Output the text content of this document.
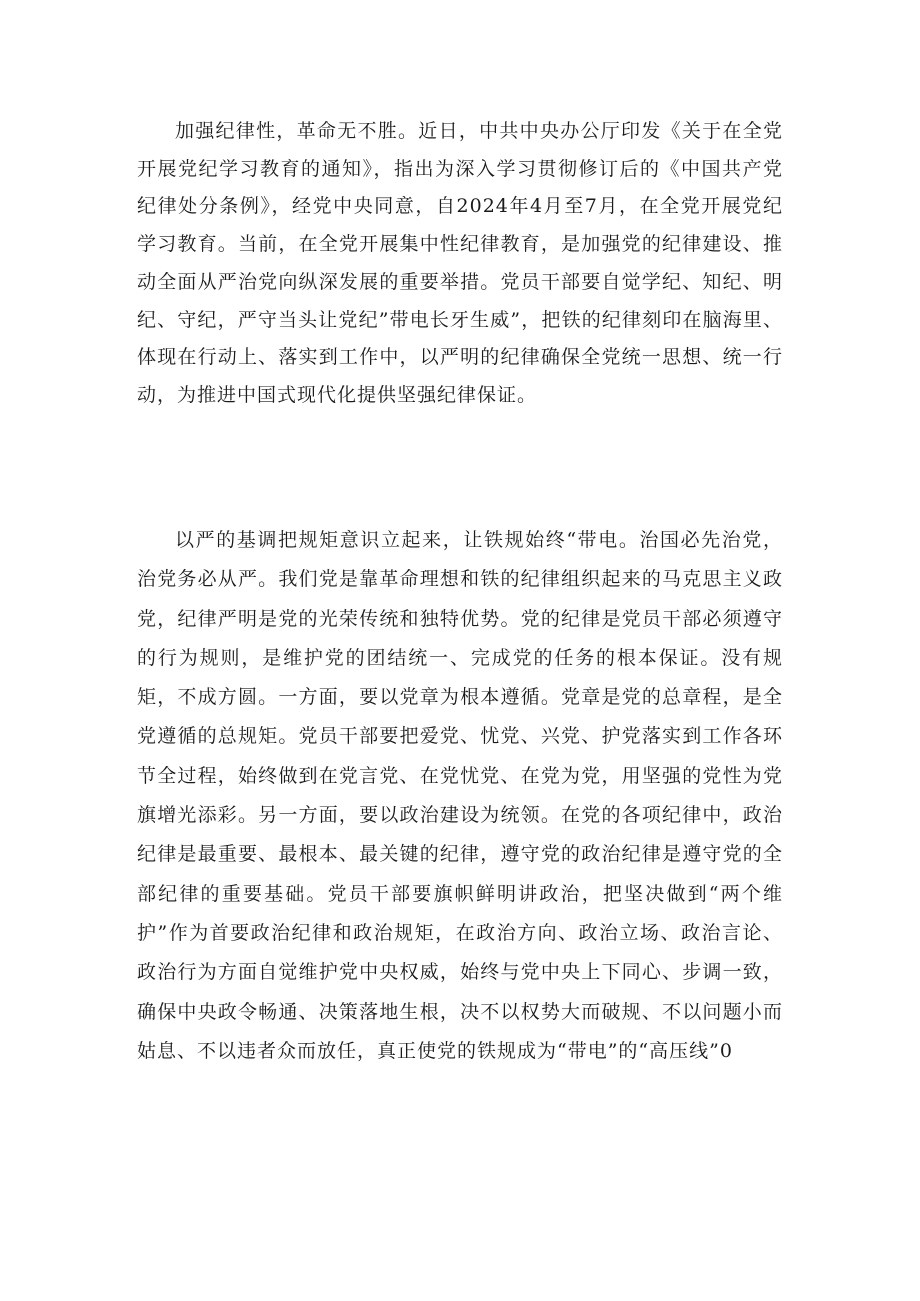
加强纪律性，革命无不胜。近日，中共中央办公厅印发《关于在全党开展党纪学习教育的通知》，指出为深入学习贯彻修订后的《中国共产党纪律处分条例》，经党中央同意，自2024年4月至7月，在全党开展党纪学习教育。当前，在全党开展集中性纪律教育，是加强党的纪律建设、推动全面从严治党向纵深发展的重要举措。党员干部要自觉学纪、知纪、明纪、守纪，严守当头让党纪”带电长牙生威”，把铁的纪律刻印在脑海里、体现在行动上、落实到工作中，以严明的纪律确保全党统一思想、统一行动，为推进中国式现代化提供坚强纪律保证。

以严的基调把规矩意识立起来，让铁规始终“带电。治国必先治党，治党务必从严。我们党是靠革命理想和铁的纪律组织起来的马克思主义政党，纪律严明是党的光荣传统和独特优势。党的纪律是党员干部必须遵守的行为规则，是维护党的团结统一、完成党的任务的根本保证。没有规矩，不成方圆。一方面，要以党章为根本遵循。党章是党的总章程，是全党遵循的总规矩。党员干部要把爱党、忧党、兴党、护党落实到工作各环节全过程，始终做到在党言党、在党忧党、在党为党，用坚强的党性为党旗增光添彩。另一方面，要以政治建设为统领。在党的各项纪律中，政治纪律是最重要、最根本、最关键的纪律，遵守党的政治纪律是遵守党的全部纪律的重要基础。党员干部要旗帜鲜明讲政治，把坚决做到“两个维护”作为首要政治纪律和政治规矩，在政治方向、政治立场、政治言论、政治行为方面自觉维护党中央权威，始终与党中央上下同心、步调一致，确保中央政令畅通、决策落地生根，决不以权势大而破规、不以问题小而姑息、不以违者众而放任，真正使党的铁规成为“带电”的“高压线”0
